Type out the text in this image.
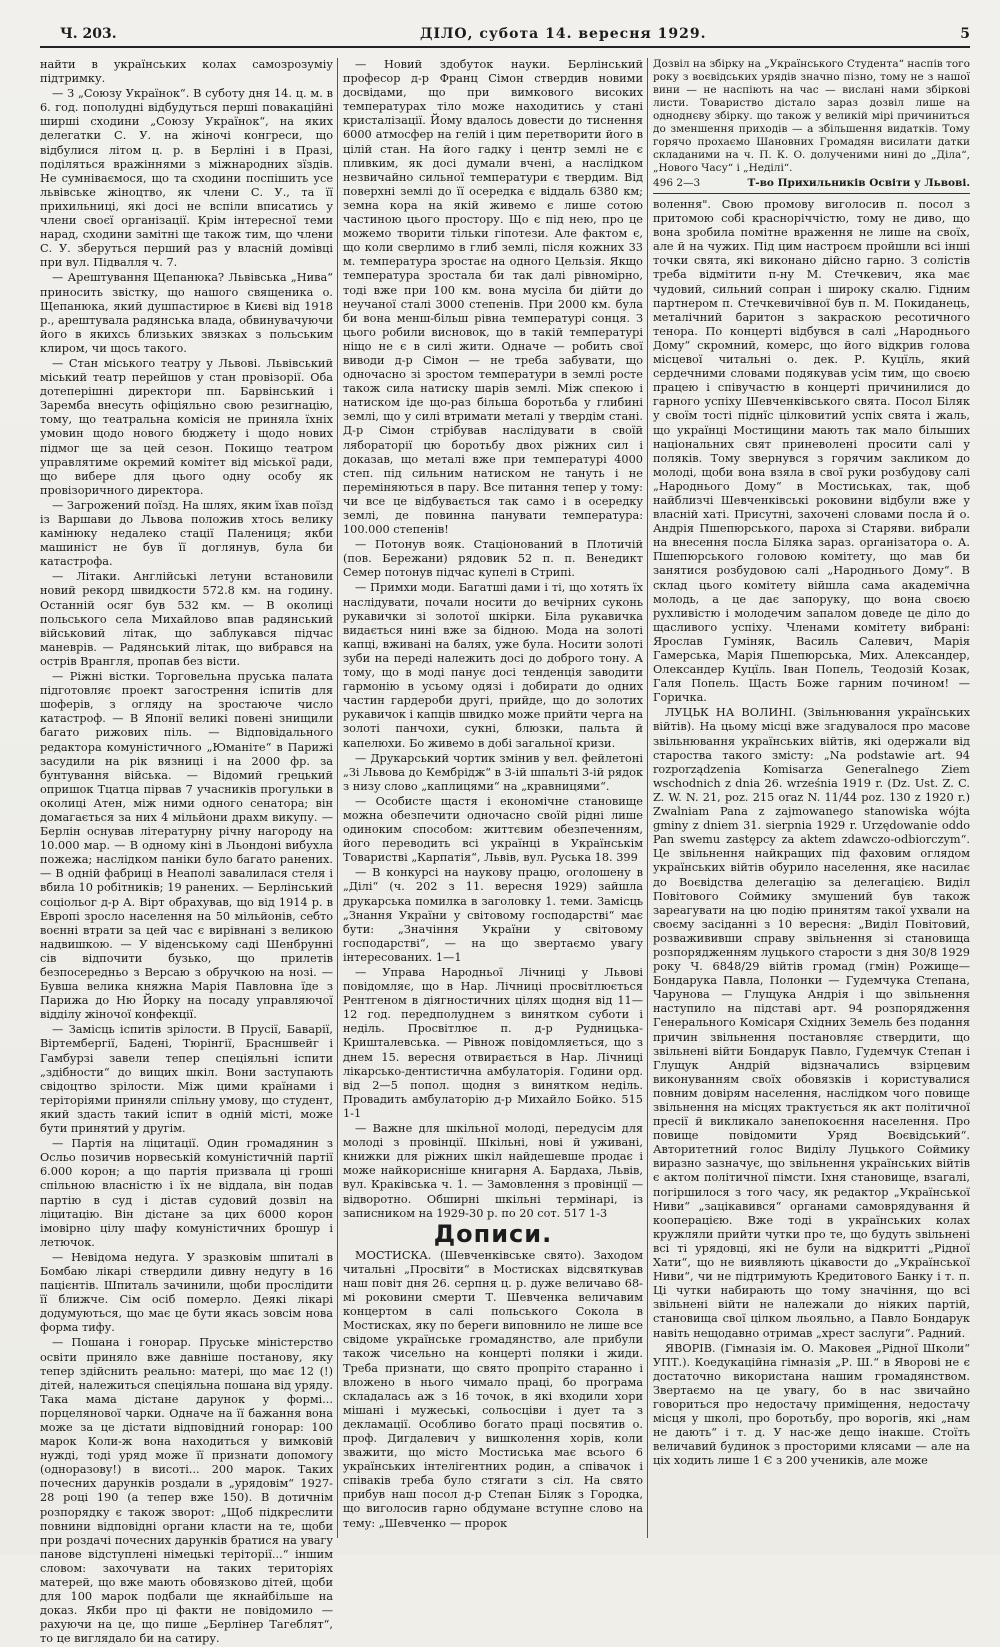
Ч. 203.	ДІЛО, субота 14. вересня 1929.	5

найти в українських колах самозрозуміу підтримку.

— З „Союзу Українок“. В суботу дня 14. ц. м. в 6. год. пополудні відбудуться перші повакаційні ширші сходини „Союзу Українок“, на яких делегатки С. У. на жіночі конгреси, що відбулися літом ц. р. в Берліні і в Празі, поділяться вражіннями з міжнародних зїздів. Не сумніваємося, що та сходини поспішить усе львівське жіноцтво, як члени С. У., та її прихильниці, які досі не вспіли вписатись у члени своєї організації. Крім інтересної теми нарад, сходини замітні ще також тим, що члени С. У. зберуться перший раз у власній домівці при вул. Підвалля ч. 7.

— Арештування Щепанюка? Львівська „Нива“ приносить звістку, що нашого священика о. Щепанюка, який душпастирює в Києві від 1918 р., арештувала радянська влада, обвинувачуючи його в якихсь близьких звязках з польським клиром, чи щось такого.

— Стан міського театру у Львові. Львівський міський театр перейшов у стан провізорії. Оба дотеперішні директори пп. Барвінський і Заремба внесуть офіціяльно свою резигнацію, тому, що театральна комісія не приняла їхніх умовин щодо нового бюджету і щодо нових підмог ще за цей сезон. Покищо театром управлятиме окремий комітет від міської ради, що вибере для цього одну особу як провізоричного директора.

— Загрожений поїзд. На шлях, яким їхав поїзд із Варшави до Львова положив хтось велику камінюку недалеко стації Палениця; якби машиніст не був її доглянув, була би катастрофа.

— Літаки. Англійські летуни встановили новий рекорд швидкости 572.8 км. на годину. Останній осяг був 532 км. — В околиці польського села Михайлово впав радянський військовий літак, що заблукався підчас маневрів. — Радянський літак, що вибрався на острів Врангля, пропав без вісти.

— Ріжні вістки. Торговельна пруська палата підготовляє проект загострення іспитів для шоферів, з огляду на зростаюче число катастроф. — В Японії великі повені знищили багато рижових піль. — Відповідального редактора комуністичного „Юманіте“ в Парижі засудили на рік вязниці і на 2000 фр. за бунтування війська. — Відомий грецький опришок Тцатца пірвав 7 учасників прогульки в околиці Атен, між ними одного сенатора; він домагається за них 4 мільйони драхм викупу. — Берлін оснував літературну річну нагороду на 10.000 мар. — В одному кіні в Льондоні вибухла пожежа; наслідком паніки було багато ранених. — В одній фабриці в Неаполі завалилася стеля і вбила 10 робітників; 19 ранених. — Берлінський соціольог д-р А. Вірт обрахував, що від 1914 р. в Европі зросло населення на 50 мільйонів, себто воєнні втрати за цей час є вирівнані з великою надвишкою. — У віденському саді Шенбрунні сів відпочити бузько, що прилетів безпосередньо з Версаю з обручкою на нозі. — Бувша велика княжна Марія Павловна їде з Парижа до Ню Йорку на посаду управляючої відділу жіночої конфекції.

— Замісць іспитів зрілости. В Прусії, Баварії, Віртембергії, Бадені, Тюрінгії, Брасншвейг і Гамбурзі завели тепер спеціяльні іспити „здібности“ до вищих шкіл. Вони заступають свідоцтво зрілости. Між цими країнами і теріторіями приняли спільну умову, що студент, який здасть такий іспит в одній місті, може бути принятий у другім.

— Партія на ліцитації. Один громадянин з Осльо позичив норвеській комуністичній партії 6.000 корон; а що партія призвала ці гроші спільною власністю і їх не віддала, він подав партію в суд і дістав судовий дозвіл на ліцитацію. Він дістане за цих 6000 корон імовірно цілу шафу комуністичних брошур і летючок.

— Невідома недуга. У зразковім шпиталі в Бомбаю лікарі ствердили дивну недугу в 16 пацієнтів. Шпиталь зачинили, щоби прослідити її ближче. Сім осіб померло. Деякі лікарі додумуються, що має це бути якась зовсім нова форма тифу.

— Пошана і гонорар. Пруське міністерство освіти приняло вже давніше постанову, яку тепер здійснить реально: матері, що має 12 (!) дітей, належиться спеціяльна пошана від уряду. Така мама дістане дарунок у формі... порцелянової чарки. Одначе на її бажання вона може за це дістати відповідний гонорар: 100 марок Коли-ж вона находиться у вимковій нужді, тоді уряд може її признати допомогу (одноразову!) в висоті... 200 марок. Таких почесних дарунків роздали в „урядовім“ 1927-28 році 190 (а тепер вже 150). В дотичнім розпорядку є також зворот: „Щоб підкреслити повнини відповідні органи класти на те, щоби при роздачі почесних дарунків братися на увагу панове відступлені німецькі теріторії...“ іншим словом: захочувати на таких територіях матерей, що вже мають обовязково дітей, щоби для 100 марок подбали ще якнайбільше на доказ. Якби про ці факти не повідомило — рахуючи на це, що пише „Берлінер Тагеблят“, то це виглядало би на сатиру.

— Новий здобуток науки. Берлінський професор д-р Франц Сімон ствердив новими досвідами, що при вимкового високих температурах тіло може находитись у стані кристалізації. Йому вдалось довести до тиснення 6000 атмосфер на гелій і цим перетворити його в цілій стан. На його гадку і центр землі не є пливким, як досі думали вчені, а наслідком незвичайно сильної температури є твердим. Від поверхні землі до її осередка є віддаль 6380 км; земна кора на якій живемо є лише сотою частиною цього простору. Що є під нею, про це можемо творити тільки гіпотези. Але фактом є, що коли сверлимо в глиб землі, після кожних 33 м. температура зростає на одного Цельзія. Якщо температура зростала би так далі рівномірно, тоді вже при 100 км. вона мусіла би дійти до неучаної сталі 3000 степенів. При 2000 км. була би вона менш-більш рівна температурі сонця. З цього робили висновок, що в такій температурі ніщо не є в силі жити. Одначе — робить свої виводи д-р Сімон — не треба забувати, що одночасно зі зростом температури в землі росте також сила натиску шарів землі. Між спекою і натиском іде що-раз більша боротьба у глибині землі, що у силі втримати металі у твердім стані. Д-р Сімон стрібував наслідувати в своїй лябораторії цю боротьбу двох ріжних сил і доказав, що металі вже при температурі 4000 степ. під сильним натиском не тануть і не переміняються в пару. Все питання тепер у тому: чи все це відбувається так само і в осередку землі, де повинна панувати температура: 100.000 степенів!

— Потонув вояк. Стаціонований в Плотичій (пов. Бережани) рядовик 52 п. п. Венедикт Семер потонув підчас купелі в Стрипі.

— Примхи моди. Багатші дами і ті, що хотять їх наслідувати, почали носити до вечірних суконь рукавички зі золотої шкірки. Біла рукавичка видається нині вже за бідною. Мода на золоті капці, вживані на балях, уже була. Носити золоті зуби на переді належить досі до доброго тону. А тому, що в моді панує досі тенденція заводити гармонію в усьому одязі і добирати до одних частин гардероби другі, прийде, що до золотих рукавичок і капців швидко може прийти черга на золоті панчохи, сукні, блюзки, пальта й капелюхи. Бо живемо в добі загальної кризи.

— Друкарський чортик змінив у вел. фейлетоні „Зі Львова до Кембрідж“ в 3-ій шпальті 3-ій рядок з низу слово „каплицями“ на „кравницями“.

— Особисте щастя і економічне становище можна обезпечити одночасно своїй рідні лише одиноким способом: життєвим обезпеченням, його переводить всі українці в Українськім Товаристві „Карпатія“, Львів, вул. Руська 18. 399

— В конкурсі на наукову працю, оголошену в „Ділі“ (ч. 202 з 11. вересня 1929) зайшла друкарська помилка в заголовку 1. теми. Замісць „Знання України у світовому господарстві“ має бути: „Значіння України у світовому господарстві“, — на що звертаємо увагу інтересованих. 1—1

— Управа Народньої Лічниці у Львові повідомляє, що в Нар. Лічниці просвітлюється Рентгеном в діягностичних цілях щодня від 11—12 год. передполуднем з винятком суботи і неділь. Просвітлює п. д-р Рудницька-Кришталевська. — Рівнож повідомляється, що з днем 15. вересня отвирається в Нар. Лічниці лікарсько-дентистична амбулаторія. Години орд. від 2—5 попол. щодня з винятком неділь. Провадить амбулаторію д-р Михайло Бойко. 515 1-1

— Важне для шкільної молоді, передусім для молоді з провінції. Шкільні, нові й уживані, книжки для ріжних шкіл найдешевше продає і може найкорисніше книгарня А. Бардаха, Львів, вул. Краківська ч. 1. — Замовлення з провінції — відворотно. Обширні шкільні термінарі, із записником на 1929-30 р. по 20 сот. 517 1-3

Дописи.

МОСТИСКА. (Шевченківське свято). Заходом читальні „Просвіти“ в Мостисках відсвяткував наш повіт дня 26. серпня ц. р. дуже величаво 68-мі роковини смерти Т. Шевченка величавим концертом в салі польського Сокола в Мостисках, яку по береги виповнило не лише все свідоме українське громадянство, але прибули також чисельно на концерті поляки і жиди. Треба признати, що свято пропрiто старанно і вложено в нього чимало праці, бо програма складалась аж з 16 точок, в які входили хори мішані і мужеські, сольосціви і дует та з декламації. Особливо богато праці посвятив о. проф. Дигдалевич у вишколення хорів, коли зважити, що місто Мостиська має всього 6 українських інтелігентних родин, а співачок і співаків треба було стягати з сіл. На свято прибув наш посол д-р Степан Біляк з Городка, що виголосив гарно обдумане вступне слово на тему: „Шевченко — пророк

Дозвіл на збірку на „Українського Студента“ наспів того року з воєвідських урядів значно пізно, тому не з нашої вини — не наспіють на час — вислані нами збіркові листи. Товариство дістало зараз дозвіл лише на одноднєву збірку. що також у великій мірі причиниться до зменшення приходів — а збільшення видатків. Тому горячо прохаємо Шановних Громадян висилати датки складаними на ч. П. К. О. долученими нині до „Діла“, „Нового Часу“ і „Неділі“.
496 2—3	Т-во Прихильників Освіти у Львові.

волення". Свою промову виголосив п. посол з притомою собі красноріччістю, тому не диво, що вона зробила помітне враження не лише на своїх, але й на чужих. Під цим настроєм пройшли всі інші точки свята, які виконано дійсно гарно. З солістів треба відмітити п-ну М. Стечкевич, яка має чудовий, сильний сопран і широку скалю. Гідним партнером п. Стечкевичівної був п. М. Покиданець, металічний баритон з закраскою ресотичного тенора. По концерті відбувся в салі „Народнього Дому“ скромний, комерс, що його відкрив голова місцевої читальні о. дек. Р. Куцїль, який сердечними словами подякував усім тим, що своєю працею і співучастю в концерті причинилися до гарного успіху Шевченківського свята. Посол Біляк у своїм тості піднїс цілковитий успіх свята і жаль, що українці Мостищини мають так мало білыших національних свят приневолені просити салі у поляків. Тому звернувся з горячим закликом до молоді, щоби вона взяла в свої руки розбудову салі „Народнього Дому“ в Мостиськах, так, щоб найблизчі Шевченківські роковини відбули вже у власній хаті. Присутні, захочені словами посла й о. Андрія Пшепюрського, пароха зі Старяви. вибрали на внесення посла Біляка зараз. організатора о. А. Пшепюрського головою комітету, що мав би занятися розбудовою салі „Народнього Дому“. В склад цього комітету війшла сама академічна молодь, а це дає запоруку, що вона своєю рухливістю і молодечим запалом доведе це діло до щасливого успіху. Членами комітету вибрані: Ярослав Гуміняк, Василь Салевич, Марія Гамерська, Марія Пшепюрська, Мих. Александер, Олександер Куцїль. Іван Попель, Теодозій Козак, Галя Попель. Щасть Боже гарним почином! — Горичка.

ЛУЦЬК НА ВОЛИНІ. (Звільнювання українських війтів). На цьому місці вже згадувалося про масове звільнювання українських війтів, які одержали від староства такого змісту: „Na podstawie art. 94 rozporządzenia Komisarza Generalnego Ziem wschodnich z dnia 26. września 1919 r. (Dz. Ust. Z. C. Z. W. N. 21, poz. 215 oraz N. 11/44 poz. 130 z 1920 r.) Zwalniam Pana z zajmowanego stanowiska wójta gminy z dniem 31. sierpnia 1929 r. Urzędowanie oddo Pan swemu zastępcy za aktem zdawczo-odbiorczym“. Це звільнення найкращих під фаховим оглядом українських війтів обурило населення, яке насилає до Воєвідства делегацію за делегацією. Виділ Повітового Соймику змушений був також зареагувати на цю подію принятям такої ухвали на своєму засіданні з 10 вересня: „Виділ Повітовий, розважививши справу звільнення зі становища розпорядженням луцького старости з дня 30/8 1929 року Ч. 6848/29 війтів громад (гмін) Рожище— Бондарука Павла, Полонки — Гудемчука Степана, Чарунова — Глущука Андрія і що звільнення наступило на підставі арт. 94 розпорядження Генерального Комісаря Східних Земель без подання причин звільнення постановляє ствердити, що звільнені війти Бондарук Павло, Гудемчук Степан і Глущук Андрій відзначались взірцевим виконуванням своїх обовязків і користувалися повним довірям населення, наслідком чого повище звільнення на місцях трактується як акт політичної пресії й викликало занепокоєння населення. Про повище повідомити Уряд Воєвідський“. Авторитетний голос Виділу Луцького Соймику виразно зазначує, що звільнення українських війтів є актом політичної пімсти. Іхня становище, взагалі, погіршилося з того часу, як редактор „Української Ниви“ „зацікавився“ органами самоврядування й кооперацією. Вже тоді в українських колах кружляли прийти чутки про те, що будуть звільнені всі ті урядовці, які не були на відкритті „Рідної Хати“, що не виявляють цікавости до „Української Ниви“, чи не підтримують Кредитового Банку і т. п. Ці чутки набирають що тому значіння, що всі звільнені війти не належали до ніяких партій, становища свої цілком льояльно, а Павло Бондарук навіть нещодавно отримав „хрест заслуги“. Радний.

ЯВОРІВ. (Гімназія ім. О. Маковея „Рідної Школи“ УПТ.). Коедукаційна гімназія „Р. Ш.“ в Яворові не є достаточно використана нашим громадянством. Звертаємо на це увагу, бо в нас звичайно говориться про недостачу приміщення, недостачу місця у школі, про боротьбу, про ворогів, які „нам не дають“ і т. д. У нас-же дещо інакше. Стоїть величавий будинок з просторими клясами — але на ціх ходить лише 1 Є з 200 учеників, але може
